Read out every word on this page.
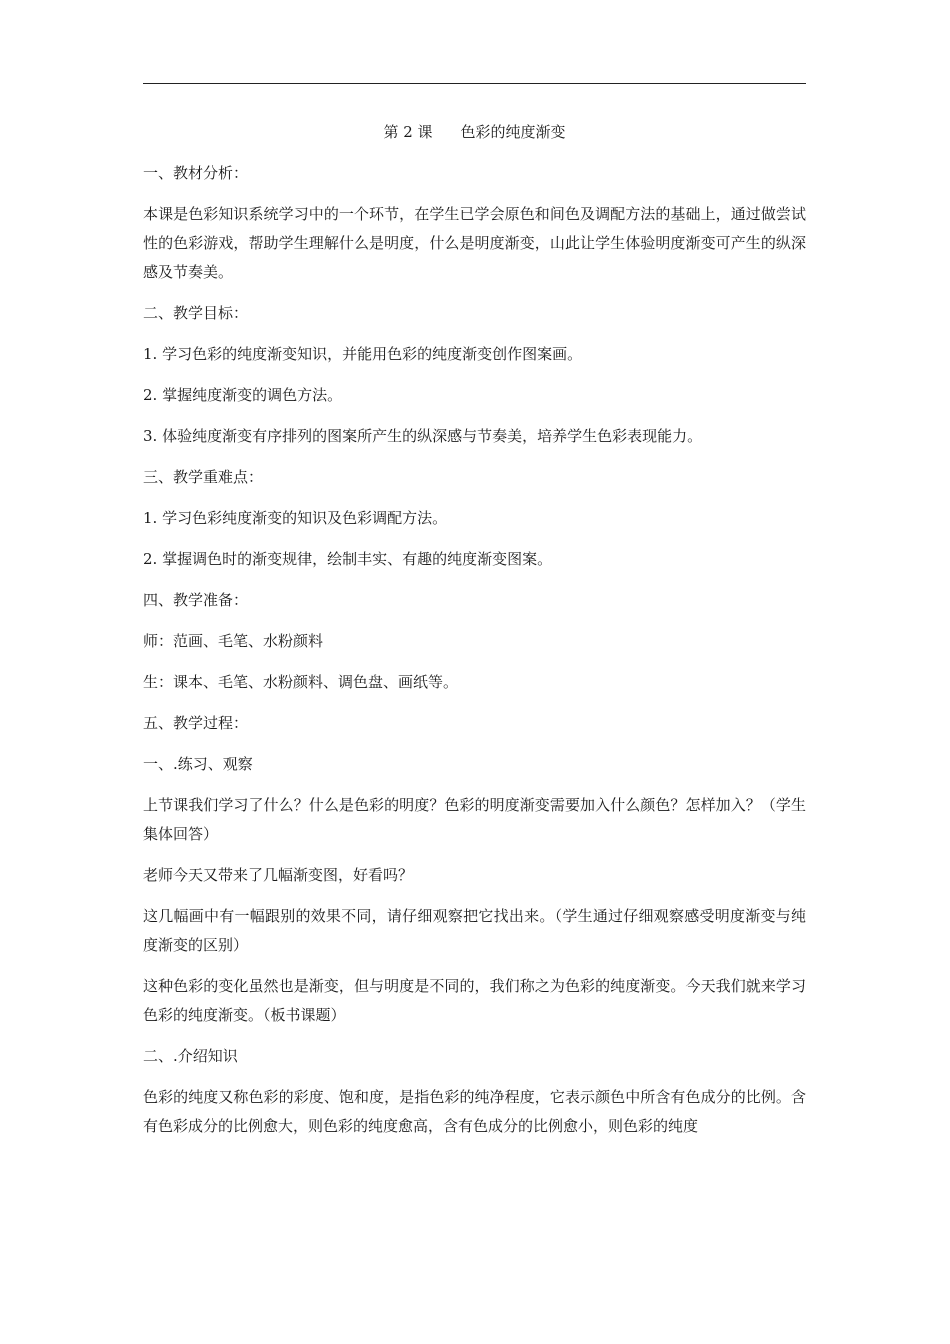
第 2 课 色彩的纯度渐变
一、教材分析：
本课是色彩知识系统学习中的一个环节，在学生已学会原色和间色及调配方法的基础上，通过做尝试性的色彩游戏，帮助学生理解什么是明度，什么是明度渐变，山此让学生体验明度渐变可产生的纵深感及节奏美。
二、教学目标：
1. 学习色彩的纯度渐变知识，并能用色彩的纯度渐变创作图案画。
2. 掌握纯度渐变的调色方法。
3. 体验纯度渐变有序排列的图案所产生的纵深感与节奏美，培养学生色彩表现能力。
三、教学重难点：
1. 学习色彩纯度渐变的知识及色彩调配方法。
2. 掌握调色时的渐变规律，绘制丰实、有趣的纯度渐变图案。
四、教学准备：
师：范画、毛笔、水粉颜料
生：课本、毛笔、水粉颜料、调色盘、画纸等。
五、教学过程：
一、.练习、观察
上节课我们学习了什么？什么是色彩的明度？色彩的明度渐变需要加入什么颜色？怎样加入？（学生集体回答）
老师今天又带来了几幅渐变图，好看吗？
这几幅画中有一幅跟别的效果不同，请仔细观察把它找出来。（学生通过仔细观察感受明度渐变与纯度渐变的区别）
这种色彩的变化虽然也是渐变，但与明度是不同的，我们称之为色彩的纯度渐变。今天我们就来学习色彩的纯度渐变。（板书课题）
二、.介绍知识
色彩的纯度又称色彩的彩度、饱和度，是指色彩的纯净程度，它表示颜色中所含有色成分的比例。含有色彩成分的比例愈大，则色彩的纯度愈高，含有色成分的比例愈小，则色彩的纯度
